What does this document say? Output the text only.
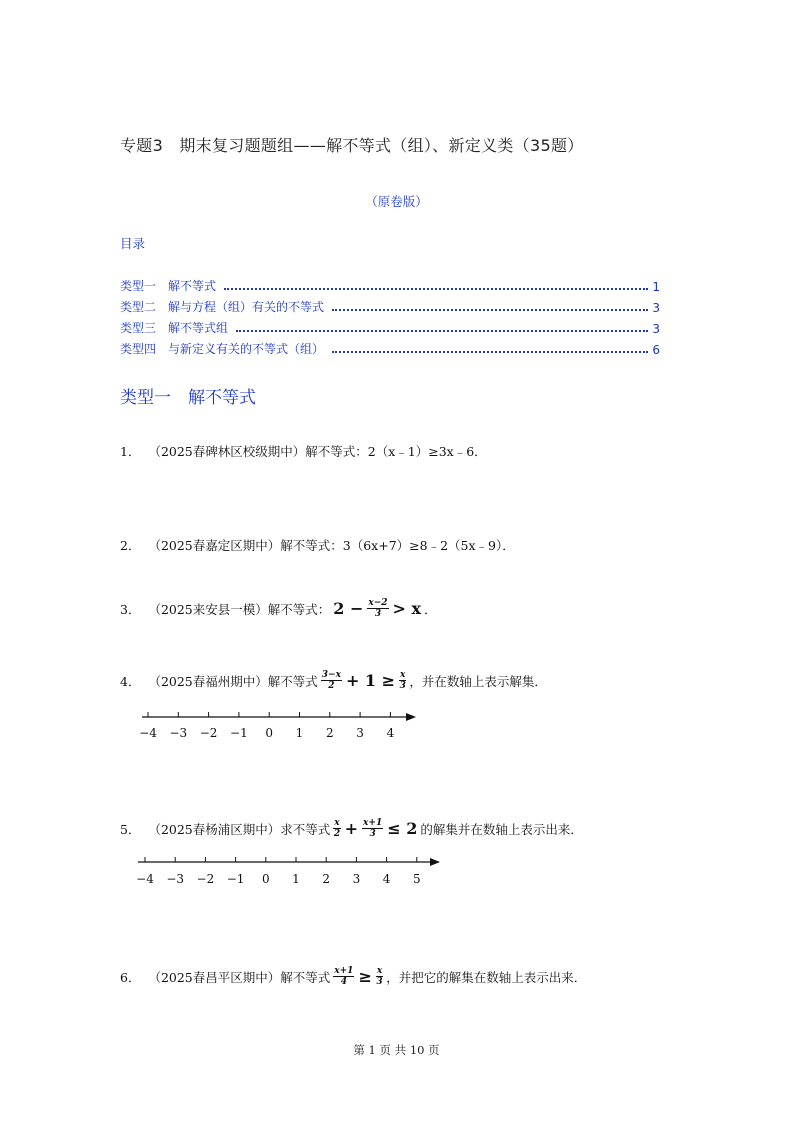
专题3　期末复习题题组——解不等式（组）、新定义类（35题）
（原卷版）
目录
类型一　解不等式	1
类型二　解与方程（组）有关的不等式	3
类型三　解不等式组	3
类型四　与新定义有关的不等式（组）	6
类型一　解不等式
1． （2025春碑林区校级期中）解不等式：2（x﹣1）≥3x﹣6．
2． （2025春嘉定区期中）解不等式：3（6x+7）≥8﹣2（5x﹣9）．
3． （2025来安县一模）解不等式： $2 - \frac{x-2}{3} > x$ ．
4． （2025春福州期中）解不等式 $\frac{3-x}{2} + 1 \ge \frac{x}{3}$ ，并在数轴上表示解集．
−4 −3 −2 −1 0 1 2 3 4
5． （2025春杨浦区期中）求不等式 $\frac{x}{2} + \frac{x+1}{3} \le 2$ 的解集并在数轴上表示出来．
−4 −3 −2 −1 0 1 2 3 4 5
6． （2025春昌平区期中）解不等式 $\frac{x+1}{4} \ge \frac{x}{3}$ ，并把它的解集在数轴上表示出来．
第 1 页 共 10 页
